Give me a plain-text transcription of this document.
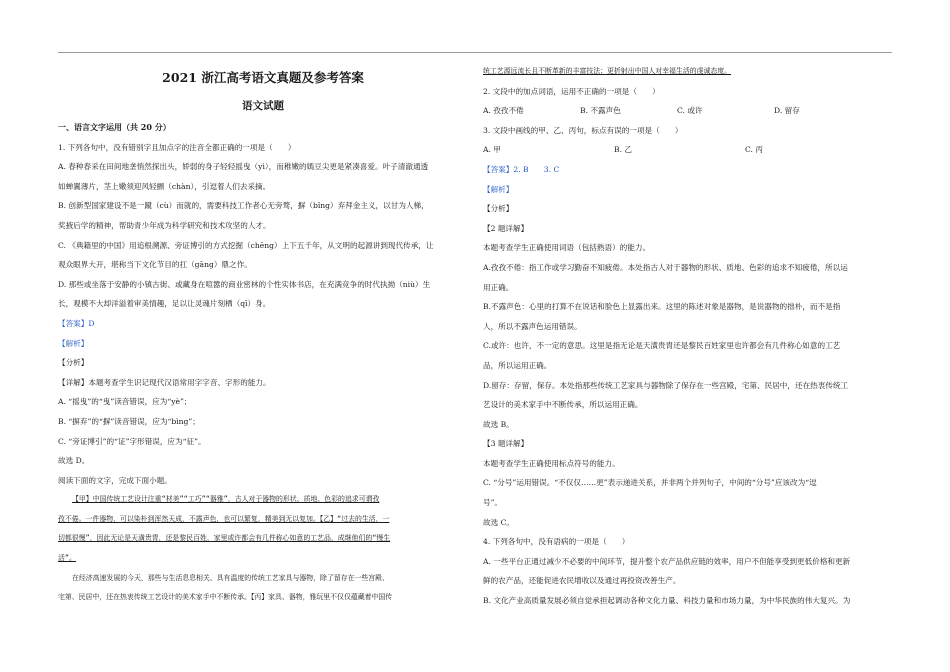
2021 浙江高考语文真题及参考答案
语文试题
一、语言文字运用（共 20 分）
1. 下列各句中，没有错别字且加点字的注音全都正确的一项是（　　）
A. 春种春采在田间地垄悄然探出头，娇弱的身子轻轻摇曳（yì），而稚嫩的嫣豆尖更是紧凑喜爱。叶子清澈通透
如蝉翼薄片，茎上嫩须迎风轻颤（chàn），引逗着人们去采摘。
B. 创新型国家建设不是一蹴（cù）而就的，需要科技工作者心无旁骛，摒（bǐng）弃拜金主义，以甘为人梯，
奖掖后学的精神，帮助青少年成为科学研究和技术攻坚的人才。
C. 《典籍里的中国》用追根溯源、旁证博引的方式挖掘（chēng）上下五千年，从文明的起源讲到现代传承，让
观众眼界大开，堪称当下文化节目的扛（gāng）鼎之作。
D. 那些或坐落于安静的小镇古街、或藏身在喧嚣的商业密林的个性实体书店，在充满竞争的时代执拗（niù）生
长，观模不大却洋溢着审美情趣，足以让灵魂片刻栖（qī）身。
【答案】D
【解析】
【分析】
【详解】本题考查学生识记现代汉语常用字字音、字形的能力。
A. “摇曳”的“曳”读音错误，应为“yè”；
B. “摒弃”的“摒”读音错误，应为“bìng”；
C. “旁证博引”的“证”字形错误，应为“征”。
故选 D。
阅读下面的文字，完成下面小题。
【甲】中国传统工艺设计注重“材美”“工巧”“器雅”，古人对于器物的形状、质地、色彩的追求可谓孜
孜不倦。一件器物，可以染朴到浑然天成，不露声色，也可以繁复，精美到无以复加。【乙】“过去的生活，一
切都很慢”，因此无论是天潢贵胄，还是黎民百姓，家里或许都会有几件称心如意的工艺品，成继他们的“慢生
活”。
在经济高速发展的今天，那些与生活息息相关、具有温度的传统工艺家具与器物，除了留存在一些宫殿、
宅第、民居中，还在热衷传统工艺设计的美术家手中不断传承。【丙】家具、器物，雅玩里不仅仅蕴藏着中国传
统工艺源远流长且不断革新的丰富技法；更折射出中国人对幸福生活的虔诚态度。
2. 文段中的加点词语，运用不正确的一项是（　　）
A. 孜孜不倦	B. 不露声色	C. 或许	D. 留存
3. 文段中画线的甲、乙、丙句，标点有误的一项是（　　）
A. 甲	B. 乙	C. 丙
【答案】2. B　　3. C
【解析】
【分析】
【2 题详解】
本题考查学生正确使用词语（包括熟语）的能力。
A.孜孜不倦：指工作或学习勤奋不知疲倦。本处指古人对于器物的形状、质地、色彩的追求不知疲倦，所以运
用正确。
B.不露声色：心里的打算不在说话和脸色上显露出来。这里的陈述对象是器物，是说器物的拙朴，而不是指
人，所以不露声色运用错误。
C.或许：也许，不一定的意思。这里是指无论是天潢贵胄还是黎民百姓家里也许都会有几件称心如意的工艺
品，所以运用正确。
D.留存：存留，保存。本处指那些传统工艺家具与器物除了保存在一些宫殿，宅第、民居中，还在热衷传统工
艺设计的美术家手中不断传承，所以运用正确。
故选 B。
【3 题详解】
本题考查学生正确使用标点符号的能力。
C. “分号”运用错误。“不仅仅……更”表示递进关系，并非两个并列句子，中间的“分号”应该改为“逗
号”。
故选 C。
4. 下列各句中，没有语病的一项是（　　）
A. 一些平台正通过减少不必要的中间环节，提升整个农产品供应链的效率，用户不但能享受到更低价格和更新
鲜的农产品，还能促进农民增收以及通过再投资改善生产。
B. 文化产业高质量发展必须自觉承担起调动各种文化力量、科技力量和市场力量，为中华民族的伟大复兴。为
